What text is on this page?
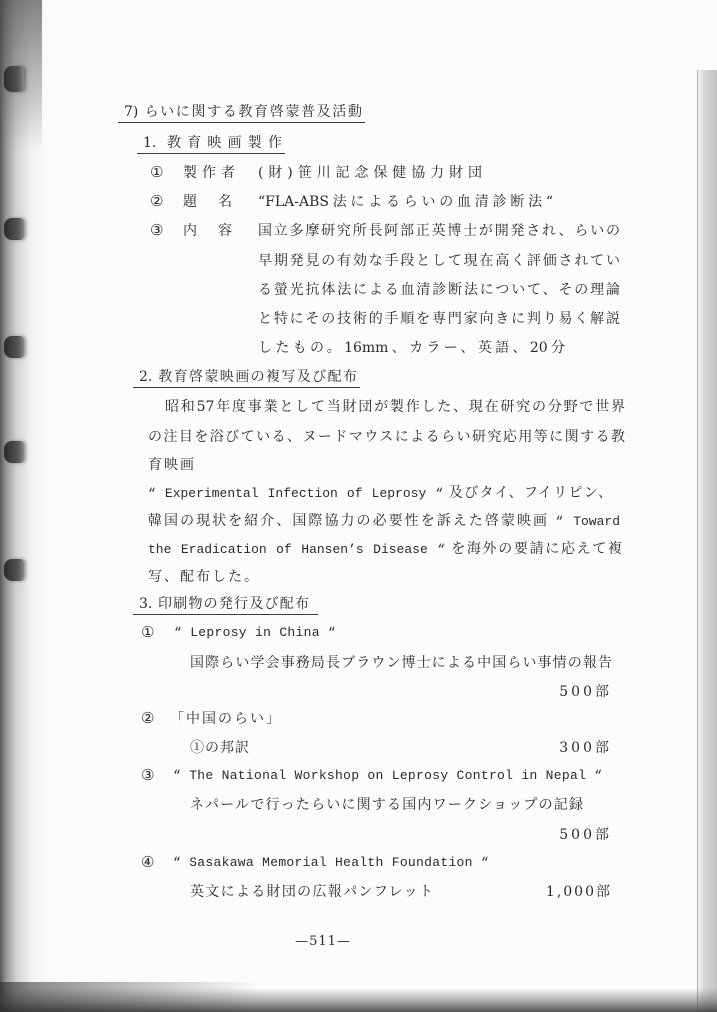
7) らいに関する教育啓蒙普及活動
1. 教育映画製作
① 製作者 (財)笹川記念保健協力財団
② 題 名 “FLA-ABS法によるらいの血清診断法“
③ 内 容 国立多摩研究所長阿部正英博士が開発され、らいの
早期発見の有効な手段として現在高く評価されてい
る螢光抗体法による血清診断法について、その理論
と特にその技術的手順を専門家向きに判り易く解説
したもの。16mm、カラー、英語、20分
2. 教育啓蒙映画の複写及び配布
昭和57年度事業として当財団が製作した、現在研究の分野で世界
の注目を浴びている、ヌードマウスによるらい研究応用等に関する教
育映画
“ Experimental Infection of Leprosy “ 及びタイ、フイリピン、
韓国の現状を紹介、国際協力の必要性を訴えた啓蒙映画 “ Toward
the Eradication of Hansen’s Disease “ を海外の要請に応えて複
写、配布した。
3. 印刷物の発行及び配布
① “ Leprosy in China “
国際らい学会事務局長ブラウン博士による中国らい事情の報告
500部
② 「中国のらい」
①の邦訳	300部
③ “ The National Workshop on Leprosy Control in Nepal “
ネパールで行ったらいに関する国内ワークショップの記録
500部
④ “ Sasakawa Memorial Health Foundation “
英文による財団の広報パンフレット	1,000部
—511—
